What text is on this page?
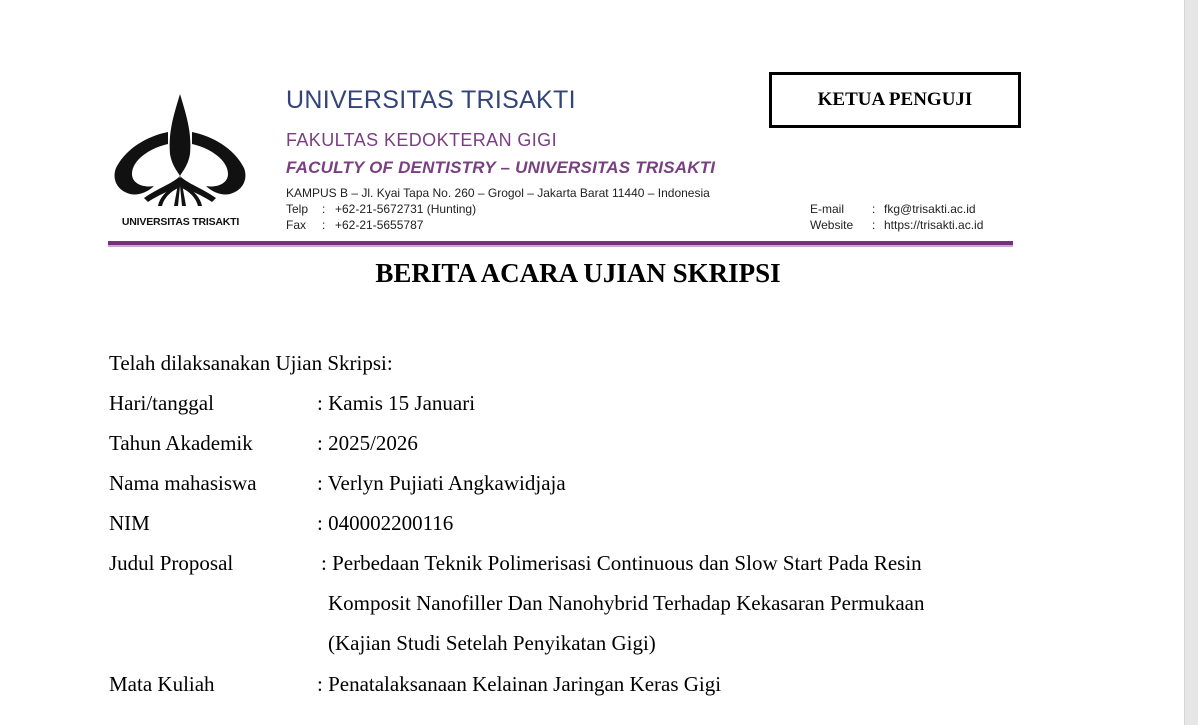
UNIVERSITAS TRISAKTI
UNIVERSITAS TRISAKTI
FAKULTAS KEDOKTERAN GIGI
FACULTY OF DENTISTRY – UNIVERSITAS TRISAKTI
KAMPUS B – Jl. Kyai Tapa No. 260 – Grogol – Jakarta Barat 11440 – Indonesia
Telp : +62-21-5672731 (Hunting)
Fax : +62-21-5655787
E-mail : fkg@trisakti.ac.id
Website : https://trisakti.ac.id
KETUA PENGUJI
BERITA ACARA UJIAN SKRIPSI
Telah dilaksanakan Ujian Skripsi:
Hari/tanggal	: Kamis 15 Januari
Tahun Akademik	: 2025/2026
Nama mahasiswa	: Verlyn Pujiati Angkawidjaja
NIM	: 040002200116
Judul Proposal	: Perbedaan Teknik Polimerisasi Continuous dan Slow Start Pada Resin
Komposit Nanofiller Dan Nanohybrid Terhadap Kekasaran Permukaan
(Kajian Studi Setelah Penyikatan Gigi)
Mata Kuliah	: Penatalaksanaan Kelainan Jaringan Keras Gigi
